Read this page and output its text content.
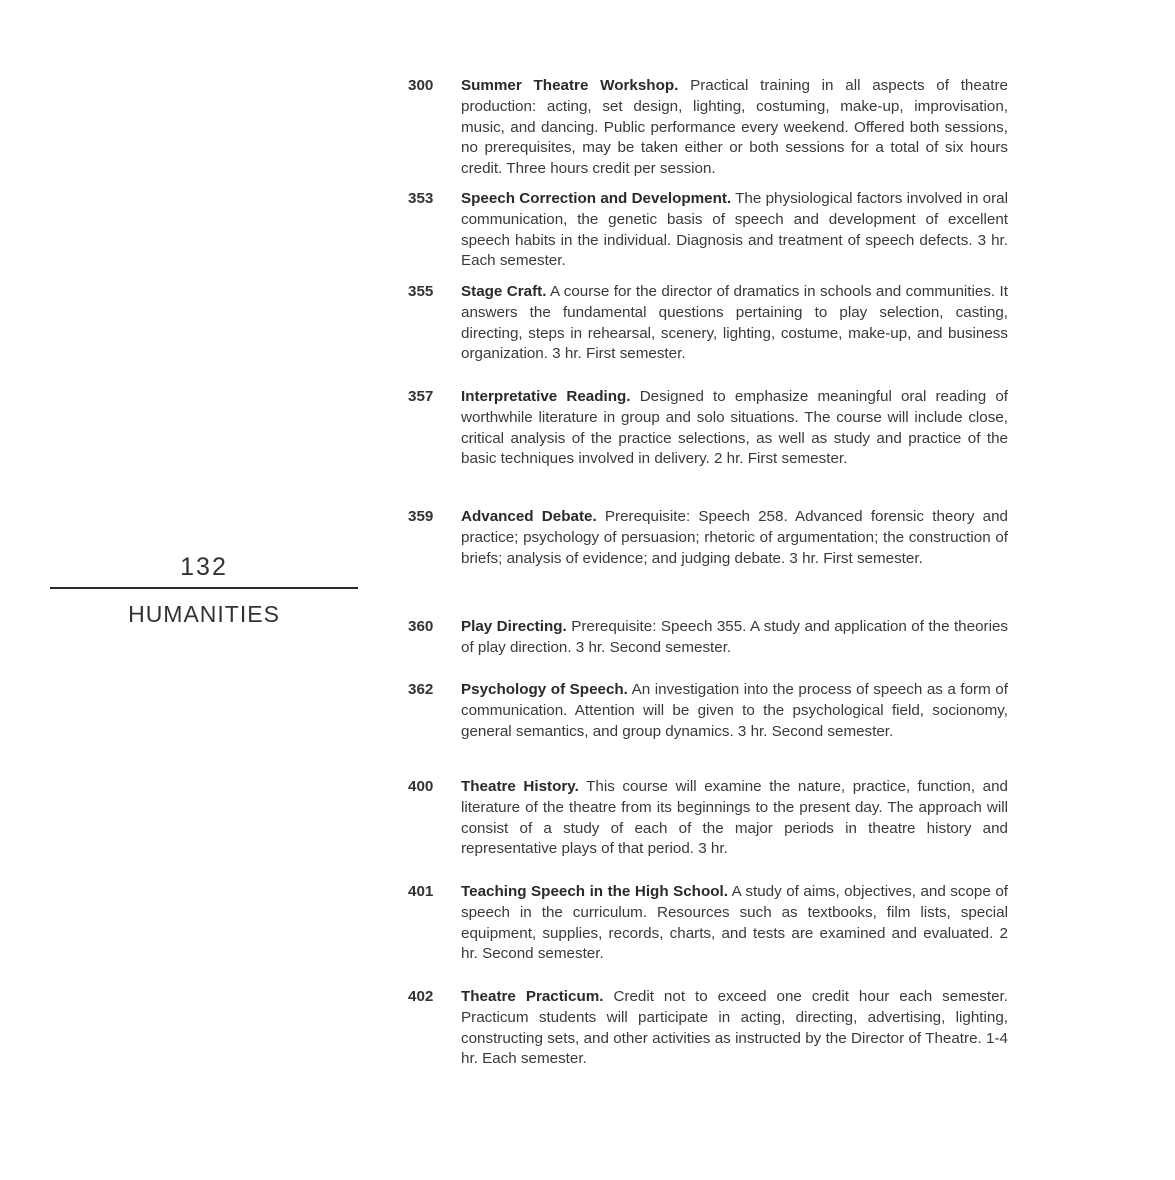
132
HUMANITIES
300	Summer Theatre Workshop. Practical training in all aspects of theatre production: acting, set design, lighting, costuming, make-up, improvisation, music, and dancing. Public performance every weekend. Offered both sessions, no prerequisites, may be taken either or both sessions for a total of six hours credit. Three hours credit per session.
353	Speech Correction and Development. The physiological factors involved in oral communication, the genetic basis of speech and development of excellent speech habits in the individual. Diagnosis and treatment of speech defects. 3 hr. Each semester.
355	Stage Craft. A course for the director of dramatics in schools and communities. It answers the fundamental questions pertaining to play selection, casting, directing, steps in rehearsal, scenery, lighting, costume, make-up, and business organization. 3 hr. First semester.
357	Interpretative Reading. Designed to emphasize meaningful oral reading of worthwhile literature in group and solo situations. The course will include close, critical analysis of the practice selections, as well as study and practice of the basic techniques involved in delivery. 2 hr. First semester.
359	Advanced Debate. Prerequisite: Speech 258. Advanced forensic theory and practice; psychology of persuasion; rhetoric of argumentation; the construction of briefs; analysis of evidence; and judging debate. 3 hr. First semester.
360	Play Directing. Prerequisite: Speech 355. A study and application of the theories of play direction. 3 hr. Second semester.
362	Psychology of Speech. An investigation into the process of speech as a form of communication. Attention will be given to the psychological field, socionomy, general semantics, and group dynamics. 3 hr. Second semester.
400	Theatre History. This course will examine the nature, practice, function, and literature of the theatre from its beginnings to the present day. The approach will consist of a study of each of the major periods in theatre history and representative plays of that period. 3 hr.
401	Teaching Speech in the High School. A study of aims, objectives, and scope of speech in the curriculum. Resources such as textbooks, film lists, special equipment, supplies, records, charts, and tests are examined and evaluated. 2 hr. Second semester.
402	Theatre Practicum. Credit not to exceed one credit hour each semester. Practicum students will participate in acting, directing, advertising, lighting, constructing sets, and other activities as instructed by the Director of Theatre. 1-4 hr. Each semester.
